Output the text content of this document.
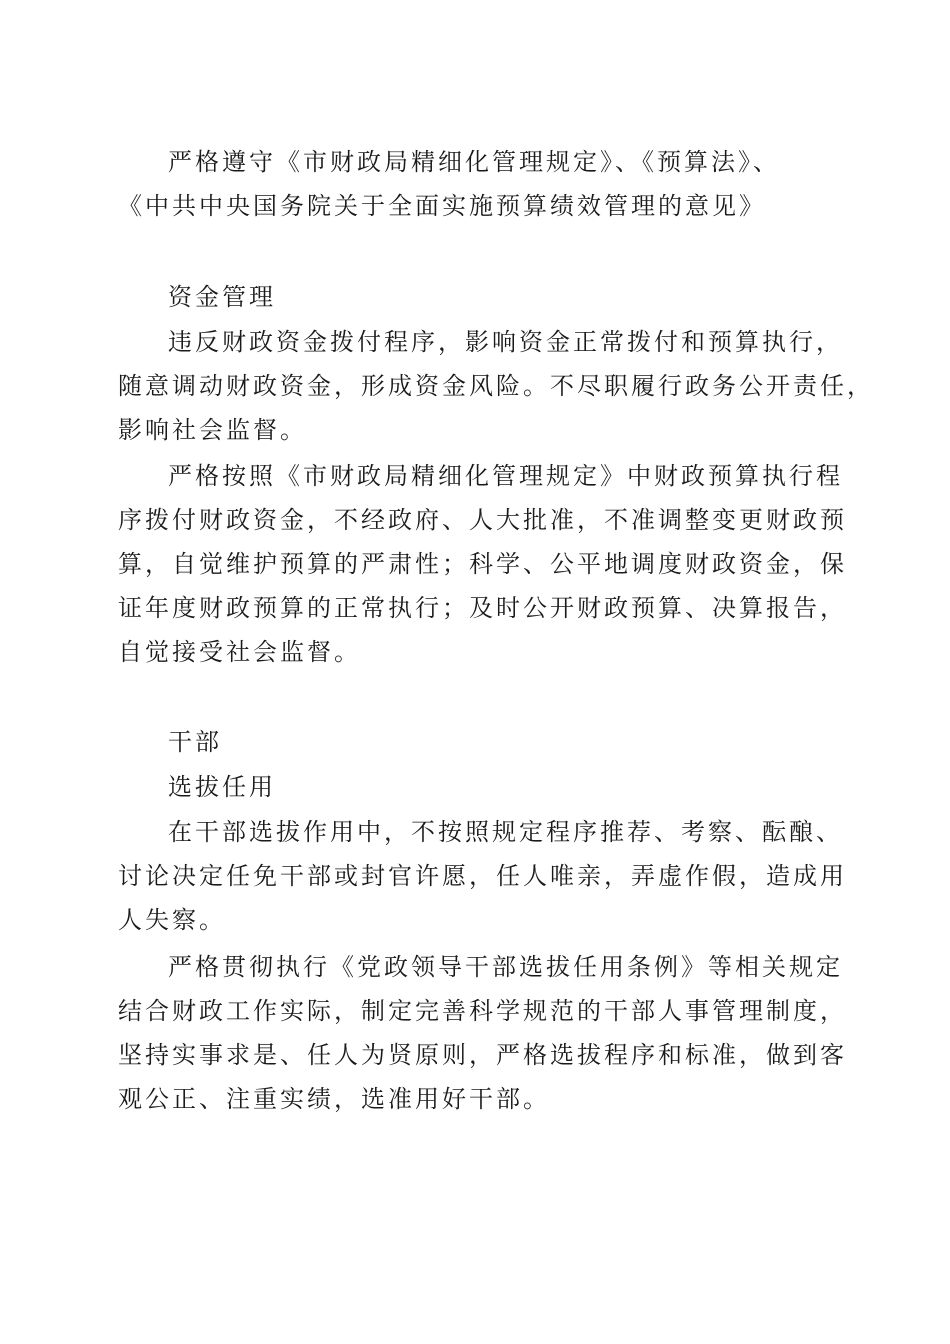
严格遵守《市财政局精细化管理规定》、《预算法》、
《中共中央国务院关于全面实施预算绩效管理的意见》
资金管理
违反财政资金拨付程序，影响资金正常拨付和预算执行，
随意调动财政资金，形成资金风险。不尽职履行政务公开责任，
影响社会监督。
严格按照《市财政局精细化管理规定》中财政预算执行程
序拨付财政资金，不经政府、人大批准，不准调整变更财政预
算，自觉维护预算的严肃性；科学、公平地调度财政资金，保
证年度财政预算的正常执行；及时公开财政预算、决算报告，
自觉接受社会监督。
干部
选拔任用
在干部选拔作用中，不按照规定程序推荐、考察、酝酿、
讨论决定任免干部或封官许愿，任人唯亲，弄虚作假，造成用
人失察。
严格贯彻执行《党政领导干部选拔任用条例》等相关规定
结合财政工作实际，制定完善科学规范的干部人事管理制度，
坚持实事求是、任人为贤原则，严格选拔程序和标准，做到客
观公正、注重实绩，选准用好干部。
